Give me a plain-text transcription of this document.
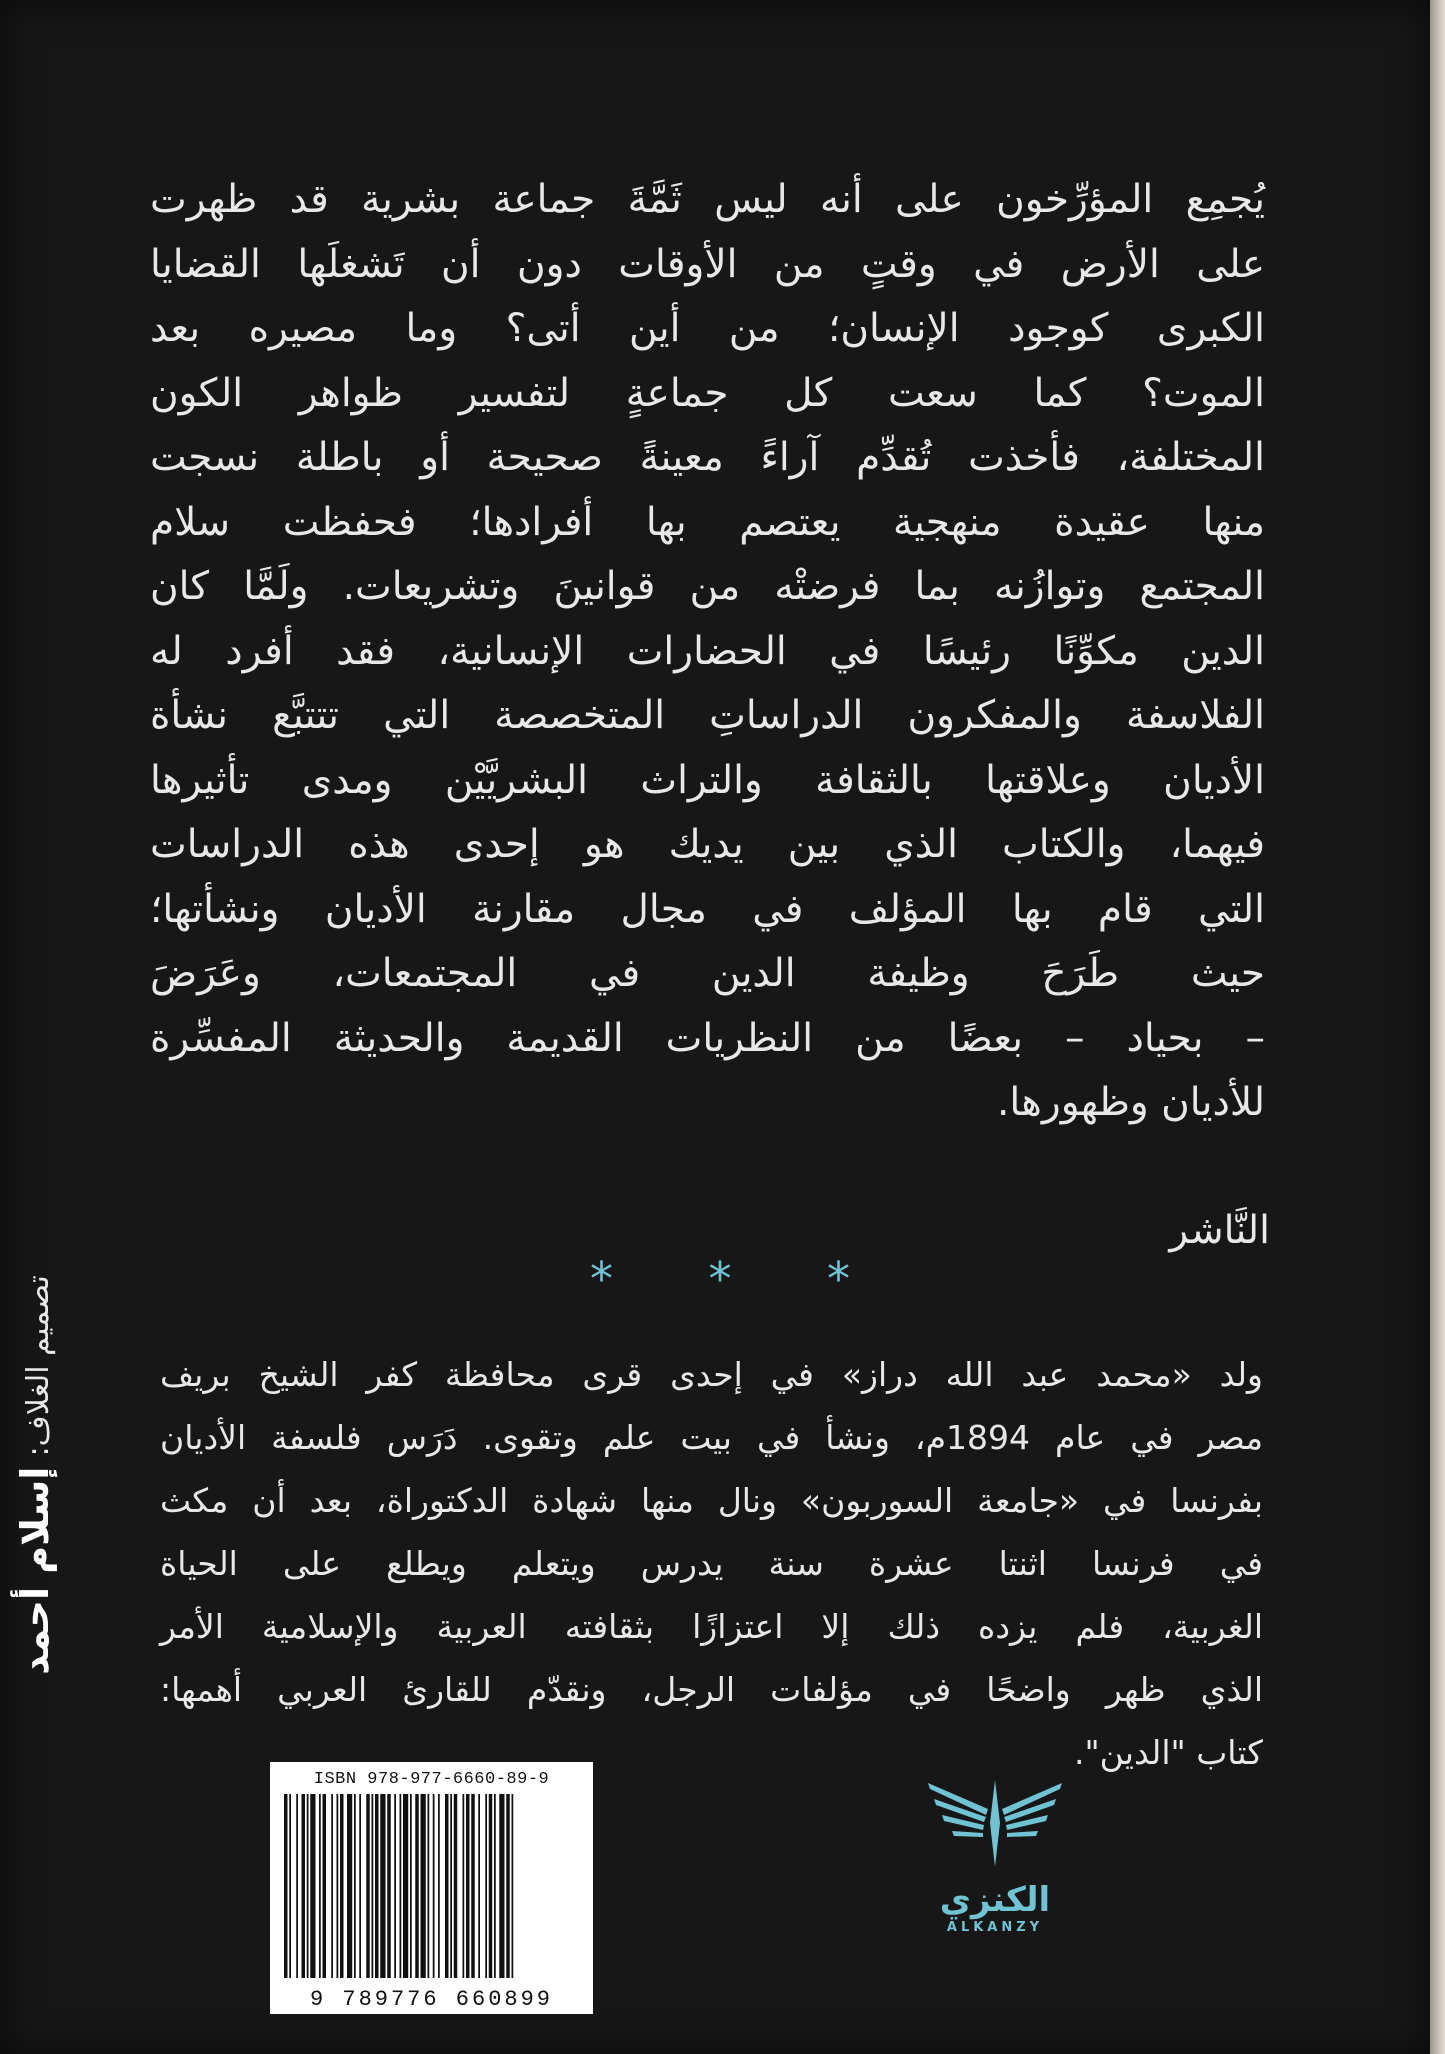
يُجمِع المؤرِّخون على أنه ليس ثَمَّةَ جماعة بشرية قد ظهرت
على الأرض في وقتٍ من الأوقات دون أن تَشغلَها القضايا
الكبرى كوجود الإنسان؛ من أين أتى؟ وما مصيره بعد
الموت؟ كما سعت كل جماعةٍ لتفسير ظواهر الكون
المختلفة، فأخذت تُقدِّم آراءً معينةً صحيحة أو باطلة نسجت
منها عقيدة منهجية يعتصم بها أفرادها؛ فحفظت سلام
المجتمع وتوازُنه بما فرضتْه من قوانينَ وتشريعات. ولَمَّا كان
الدين مكوِّنًا رئيسًا في الحضارات الإنسانية، فقد أفرد له
الفلاسفة والمفكرون الدراساتِ المتخصصة التي تتتبَّع نشأة
الأديان وعلاقتها بالثقافة والتراث البشريَّيْن ومدى تأثيرها
فيهما، والكتاب الذي بين يديك هو إحدى هذه الدراسات
التي قام بها المؤلف في مجال مقارنة الأديان ونشأتها؛
حيث طَرَحَ وظيفة الدين في المجتمعات، وعَرَضَ
– بحياد – بعضًا من النظريات القديمة والحديثة المفسِّرة
للأديان وظهورها.
النَّاشر
* * *
ولد «محمد عبد الله دراز» في إحدى قرى محافظة كفر الشيخ بريف
مصر في عام 1894م، ونشأ في بيت علم وتقوى. دَرَس فلسفة الأديان
بفرنسا في «جامعة السوربون» ونال منها شهادة الدكتوراة، بعد أن مكث
في فرنسا اثنتا عشرة سنة يدرس ويتعلم ويطلع على الحياة
الغربية، فلم يزده ذلك إلا اعتزازًا بثقافته العربية والإسلامية الأمر
الذي ظهر واضحًا في مؤلفات الرجل، ونقدّم للقارئ العربي أهمها:
كتاب "الدين".
ISBN 978-977-6660-89-9
9 789776 660899
الكنزي
ALKANZY
تصميم الغلاف: إسلام أحمد
